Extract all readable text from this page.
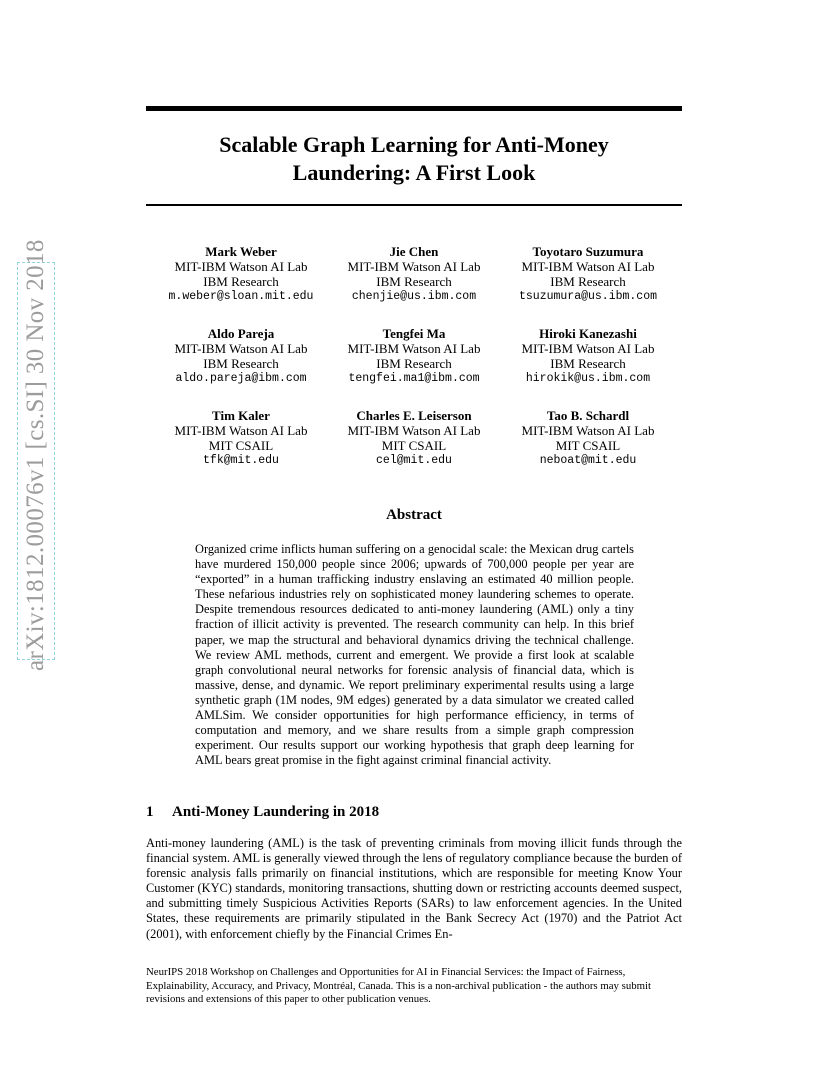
arXiv:1812.00076v1 [cs.SI] 30 Nov 2018
Scalable Graph Learning for Anti-Money
Laundering: A First Look
Mark Weber
MIT-IBM Watson AI Lab
IBM Research
m.weber@sloan.mit.edu
Jie Chen
MIT-IBM Watson AI Lab
IBM Research
chenjie@us.ibm.com
Toyotaro Suzumura
MIT-IBM Watson AI Lab
IBM Research
tsuzumura@us.ibm.com
Aldo Pareja
MIT-IBM Watson AI Lab
IBM Research
aldo.pareja@ibm.com
Tengfei Ma
MIT-IBM Watson AI Lab
IBM Research
tengfei.ma1@ibm.com
Hiroki Kanezashi
MIT-IBM Watson AI Lab
IBM Research
hirokik@us.ibm.com
Tim Kaler
MIT-IBM Watson AI Lab
MIT CSAIL
tfk@mit.edu
Charles E. Leiserson
MIT-IBM Watson AI Lab
MIT CSAIL
cel@mit.edu
Tao B. Schardl
MIT-IBM Watson AI Lab
MIT CSAIL
neboat@mit.edu
Abstract
Organized crime inflicts human suffering on a genocidal scale: the Mexican drug cartels have murdered 150,000 people since 2006; upwards of 700,000 people per year are “exported” in a human trafficking industry enslaving an estimated 40 million people. These nefarious industries rely on sophisticated money laundering schemes to operate. Despite tremendous resources dedicated to anti-money laundering (AML) only a tiny fraction of illicit activity is prevented. The research community can help. In this brief paper, we map the structural and behavioral dynamics driving the technical challenge. We review AML methods, current and emergent. We provide a first look at scalable graph convolutional neural networks for forensic analysis of financial data, which is massive, dense, and dynamic. We report preliminary experimental results using a large synthetic graph (1M nodes, 9M edges) generated by a data simulator we created called AMLSim. We consider opportunities for high performance efficiency, in terms of computation and memory, and we share results from a simple graph compression experiment. Our results support our working hypothesis that graph deep learning for AML bears great promise in the fight against criminal financial activity.
1 Anti-Money Laundering in 2018
Anti-money laundering (AML) is the task of preventing criminals from moving illicit funds through the financial system. AML is generally viewed through the lens of regulatory compliance because the burden of forensic analysis falls primarily on financial institutions, which are responsible for meeting Know Your Customer (KYC) standards, monitoring transactions, shutting down or restricting accounts deemed suspect, and submitting timely Suspicious Activities Reports (SARs) to law enforcement agencies. In the United States, these requirements are primarily stipulated in the Bank Secrecy Act (1970) and the Patriot Act (2001), with enforcement chiefly by the Financial Crimes En-
NeurIPS 2018 Workshop on Challenges and Opportunities for AI in Financial Services: the Impact of Fairness, Explainability, Accuracy, and Privacy, Montréal, Canada. This is a non-archival publication - the authors may submit revisions and extensions of this paper to other publication venues.
